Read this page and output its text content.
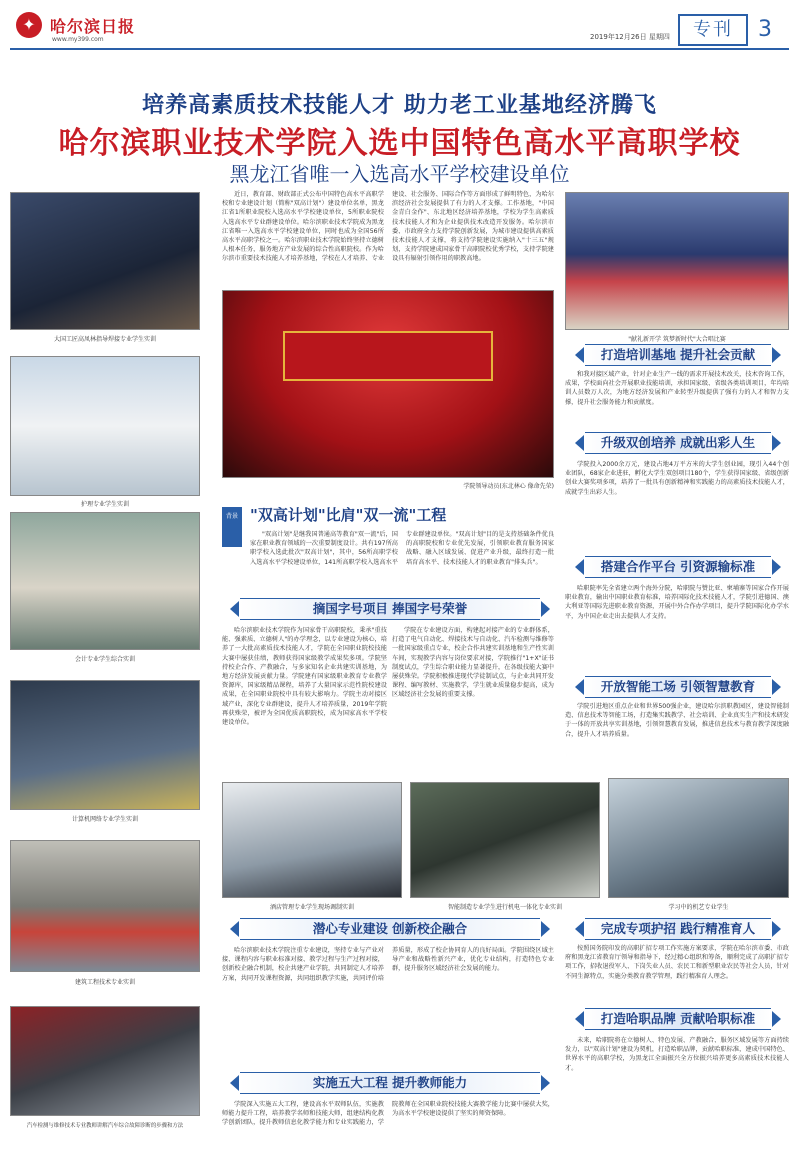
✦ 哈尔滨日报
www.my399.com	2019年12月26日 星期四	专刊	3
培养高素质技术技能人才 助力老工业基地经济腾飞
哈尔滨职业技术学院入选中国特色高水平高职学校
黑龙江省唯一入选高水平学校建设单位
大国工匠高凤林指导焊接专业学生实训
护理专业学生实训
会计专业学生综合实训
计算机网络专业学生实训
建筑工程技术专业实训
汽车检测与维修技术专业教师讲解汽车综合故障诊断的步骤和方法
近日，教育部、财政部正式公布中国特色高水平高职学校和专业建设计划（简称"双高计划"）建设单位名单，黑龙江省1所职业院校入选高水平学校建设单位，5所职业院校入选高水平专业群建设单位。哈尔滨职业技术学院成为黑龙江省唯一入选高水平学校建设单位，同时也成为全国56所高水平高职学校之一。哈尔滨职业技术学院始终坚持立德树人根本任务，服务地方产业发展的综合性高职院校。作为哈尔滨市重要技术技能人才培养基地，学校在人才培养、专业建设、社会服务、国际合作等方面形成了鲜明特色，为哈尔滨经济社会发展提供了有力的人才支撑。工作基地，"中国金青白金作"、东北地区经济培养基地，学校为学生高素质技术技能人才和为企业提供技术改造开发服务。哈尔滨市委、市政府全力支持学院创新发展，为城市建设提供高素质技术技能人才支撑，将支持学院建设实施纳入"十三五"规划，支持学院建成国家骨干高职院校优秀学校，支持学院建设具有辐射引领作用的职教高地。
学院领导动员(东北林心 像命先荣)
"献礼新开学 筑梦新时代"大合唱比赛
背景 "双高计划"比肩"双一流"工程
"双高计划"是继我国普通高等教育"双一流"后，国家在职业教育领域的一次重要制度设计。共有197所高职学校入选此批次"双高计划"，其中，56所高职学校入选高水平学校建设单位，141所高职学校入选高水平专业群建设单位。"双高计划"目的是支持基础条件优良的高职院校和专业优先发展，引领职业教育服务国家战略、融入区域发展、促进产业升级，最终打造一批培育高水平、技术技能人才的职业教育"排头兵"。
摘国字号项目 捧国字号荣誉
哈尔滨职业技术学院作为国家骨干高职院校，秉承"重技能、强素质、立德树人"的办学理念，以专业建设为核心，培养了一大批高素质技术技能人才，学院在全国职业院校技能大赛中屡获佳绩，教师获得国家级教学成果奖多项。学院坚持校企合作、产教融合，与多家知名企业共建实训基地，为地方经济发展贡献力量。学院建有国家级职业教育专业教学资源库，国家级精品课程，培养了大量国家示范性院校建设成果，在全国职业院校中具有较大影响力。学院主动对接区域产业，深化专业群建设，提升人才培养质量，2019年学院再获殊荣，被评为全国优质高职院校，成为国家高水平学校建设单位。
学院在专业建设方面，构建起对接产业的专业群体系，打造了电气自动化、焊接技术与自动化、汽车检测与维修等一批国家级重点专业，校企合作共建实训基地和生产性实训车间，实现教学内容与岗位要求对接，学院推行"1+X"证书制度试点，学生综合职业能力显著提升，在各级技能大赛中屡获殊荣。学院积极推进现代学徒制试点，与企业共同开发课程、编写教材、实施教学，学生就业质量稳步提高，成为区域经济社会发展的重要支撑。
酒店管理专业学生现场调制实训	智能制造专业学生进行机电一体化专业实训	学习中的机艺专业学生
潜心专业建设 创新校企融合
哈尔滨职业技术学院注重专业建设，坚持专业与产业对接、课程内容与职业标准对接、教学过程与生产过程对接，创新校企融合机制，校企共建产业学院，共同制定人才培养方案，共同开发课程资源，共同组织教学实施，共同评价培养质量，形成了校企协同育人的良好局面。学院围绕区域主导产业和战略性新兴产业，优化专业结构，打造特色专业群，提升服务区域经济社会发展的能力。
实施五大工程 提升教师能力
学院深入实施五大工程，建设高水平双师队伍，实施教师能力提升工程，培养教学名师和技能大师，组建结构化教学创新团队，提升教师信息化教学能力和专业实践能力，学院教师在全国职业院校技能大赛教学能力比赛中屡获大奖，为高水平学校建设提供了坚实的师资保障。
打造培训基地 提升社会贡献
和我对接区域产业，针对企业生产一线的需求开展技术改关，技术咨询工作，成果，学校面向社会开展职业技能培训，承担国家级、省级各类培训项目，年均培训人员数万人次，为地方经济发展和产业转型升级提供了强有力的人才和智力支撑，提升社会服务能力和贡献度。
升级双创培养 成就出彩人生
学院投入2000余万元，建设占地4万平方米的大学生创业园，现引入44个创业团队，68家企业进驻，孵化大学生双创项目180个，学生获得国家级、省级创新创业大赛奖项多项，培养了一批具有创新精神和实践能力的高素质技术技能人才，成就学生出彩人生。
搭建合作平台 引资源输标准
哈职院率先全省建立两个海外分院，哈职院与赞比亚、柬埔寨等国家合作开展职业教育，输出中国职业教育标准，培养国际化技术技能人才，学院引进德国、澳大利亚等国际先进职业教育资源，开展中外合作办学项目，提升学院国际化办学水平，为中国企业走出去提供人才支持。
开放智能工场 引领智慧教育
学院引进地区重点企业和世界500强企业，建设哈尔滨职教园区，建设智能制造、信息技术等智能工场，打造集实践教学、社会培训、企业真实生产和技术研发于一体的开放共享实训基地，引领智慧教育发展，推进信息技术与教育教学深度融合，提升人才培养质量。
完成专项护招 践行精准育人
按照国务院印发的高职扩招专项工作实施方案要求，学院在哈尔滨市委、市政府和黑龙江省教育厅领导和指导下，经过精心组织和筹备，顺利完成了高职扩招专项工作，招收退役军人、下岗失业人员、农民工和新型职业农民等社会人员，针对不同生源特点，实施分类教育教学管理，践行精准育人理念。
打造哈职品牌 贡献哈职标准
未来，哈职院将在立德树人、特色发展、产教融合、服务区域发展等方面持续发力，以"双高计划"建设为契机，打造哈职品牌，贡献哈职标准，建成中国特色、世界水平的高职学校，为黑龙江全面振兴全方位振兴培养更多高素质技术技能人才。
